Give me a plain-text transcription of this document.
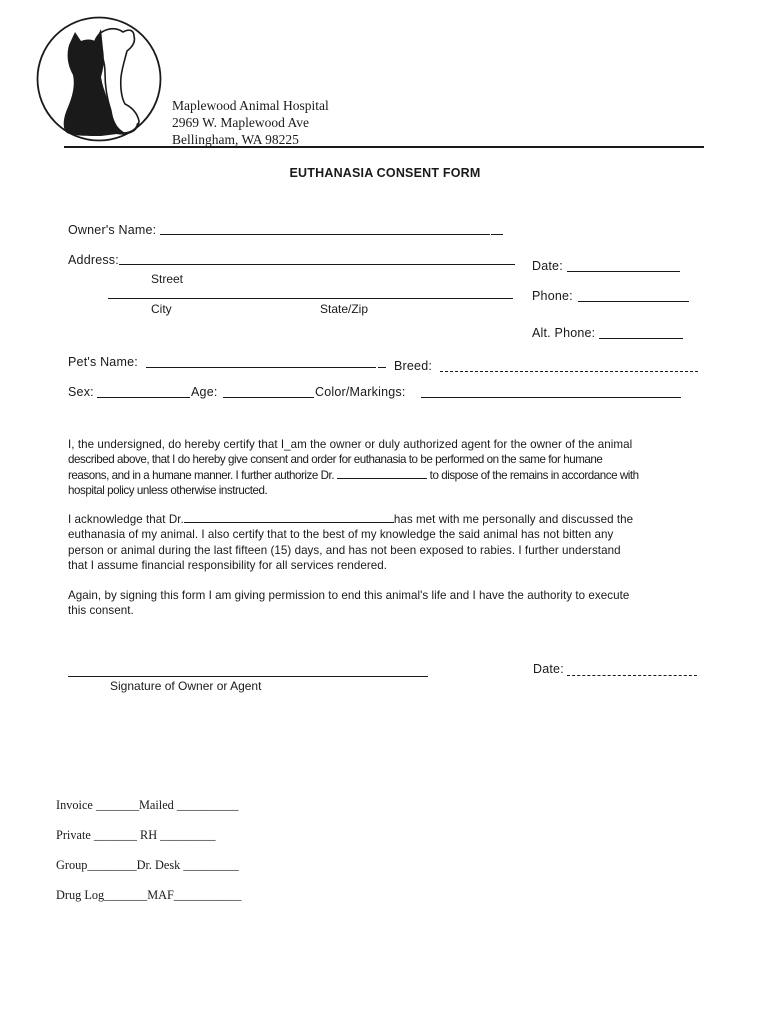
Maplewood Animal Hospital
2969 W. Maplewood Ave
Bellingham, WA 98225
EUTHANASIA CONSENT FORM
Owner's Name:
Address:
Street
City	State/Zip
Date:
Phone:
Alt. Phone:
Pet's Name:	Breed:
Sex:	Age:	Color/Markings:
I, the undersigned, do hereby certify that I_am the owner or duly authorized agent for the owner of the animal
described above, that I do hereby give consent and order for euthanasia to be performed on the same for humane
reasons, and in a humane manner. I further authorize Dr.	to dispose of the remains in accordance with
hospital policy unless otherwise instructed.
I acknowledge that Dr.	has met with me personally and discussed the
euthanasia of my animal. I also certify that to the best of my knowledge the said animal has not bitten any
person or animal during the last fifteen (15) days, and has not been exposed to rabies. I further understand
that I assume financial responsibility for all services rendered.
Again, by signing this form I am giving permission to end this animal's life and I have the authority to execute
this consent.
Signature of Owner or Agent
Date:
Invoice _______Mailed __________
Private _______ RH _________
Group________Dr. Desk _________
Drug Log_______MAF___________
